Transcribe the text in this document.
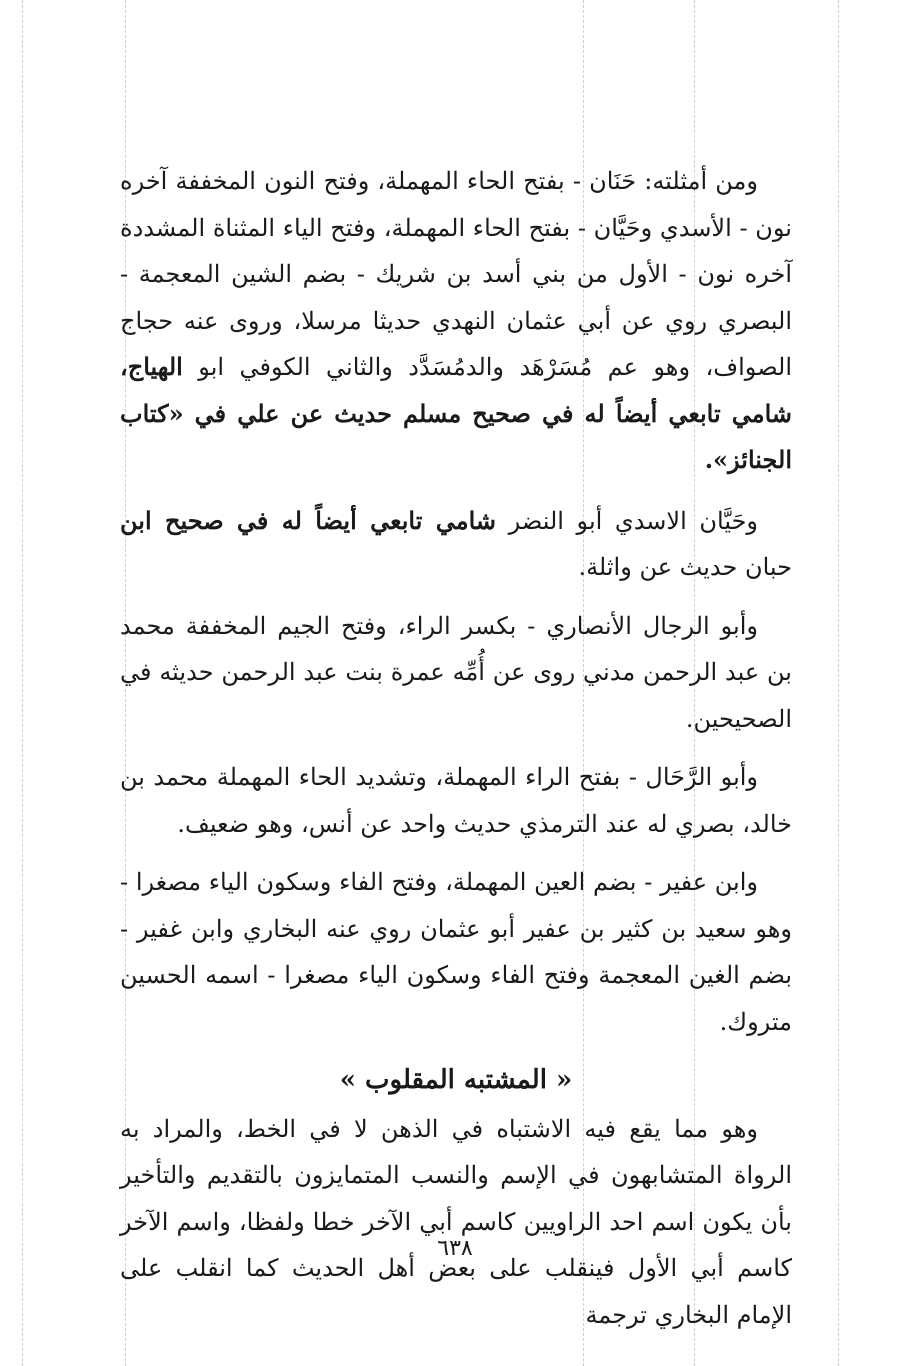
ومن أمثلته: حَنَان - بفتح الحاء المهملة، وفتح النون المخففة آخره نون - الأسدي وحَيَّان - بفتح الحاء المهملة، وفتح الياء المثناة المشددة آخره نون - الأول من بني أسد بن شريك - بضم الشين المعجمة - البصري روي عن أبي عثمان النهدي حديثا مرسلا، وروى عنه حجاج الصواف، وهو عم مُسَرْهَد والدمُسَدَّد والثاني الكوفي ابو الهياج، شامي تابعي أيضاً له في صحيح مسلم حديث عن علي في «كتاب الجنائز».

وحَيَّان الاسدي أبو النضر شامي تابعي أيضاً له في صحيح ابن حبان حديث عن واثلة.

وأبو الرجال الأنصاري - بكسر الراء، وفتح الجيم المخففة محمد بن عبد الرحمن مدني روى عن أُمِّه عمرة بنت عبد الرحمن حديثه في الصحيحين.

وأبو الرَّحَال - بفتح الراء المهملة، وتشديد الحاء المهملة محمد بن خالد، بصري له عند الترمذي حديث واحد عن أنس، وهو ضعيف.

وابن عفير - بضم العين المهملة، وفتح الفاء وسكون الياء مصغرا - وهو سعيد بن كثير بن عفير أبو عثمان روي عنه البخاري وابن غفير - بضم الغين المعجمة وفتح الفاء وسكون الياء مصغرا - اسمه الحسين متروك.

« المشتبه المقلوب »

وهو مما يقع فيه الاشتباه في الذهن لا في الخط، والمراد به الرواة المتشابهون في الإسم والنسب المتمايزون بالتقديم والتأخير بأن يكون اسم احد الراويين كاسم أبي الآخر خطا ولفظا، واسم الآخر كاسم أبي الأول فينقلب على بعض أهل الحديث كما انقلب على الإمام البخاري ترجمة

٦٣٨
